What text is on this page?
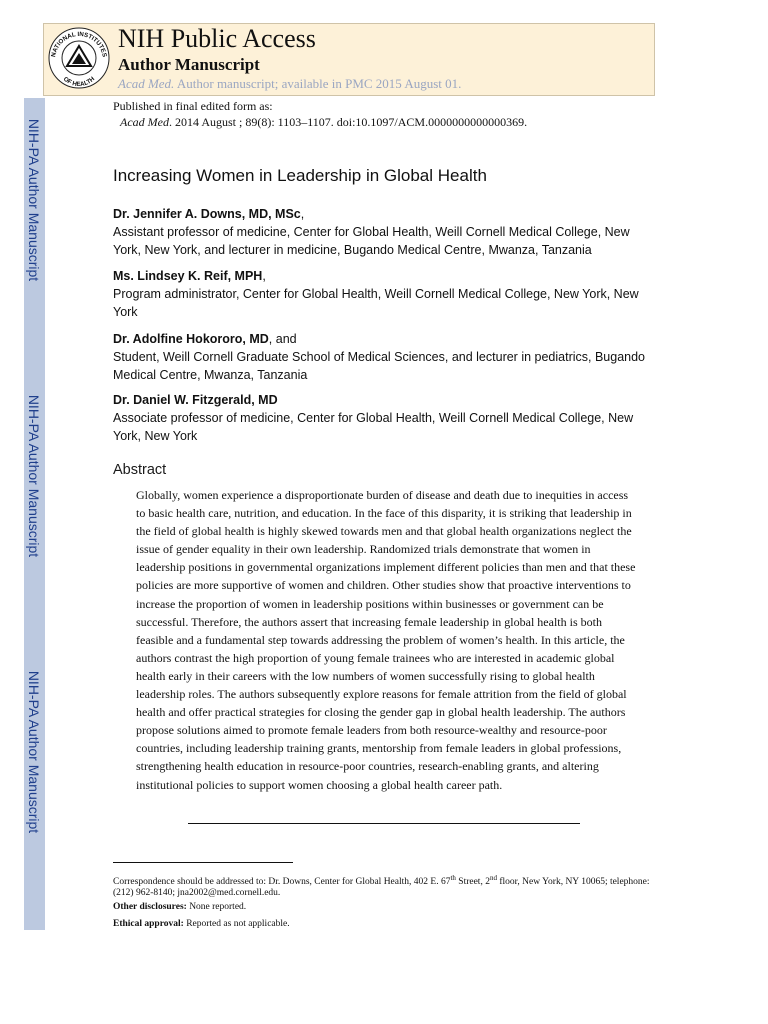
NIH-PA Author Manuscript
NIH-PA Author Manuscript
NIH-PA Author Manuscript
NATIONAL INSTITUTES
OF HEALTH
NIH Public Access
Author Manuscript
Acad Med. Author manuscript; available in PMC 2015 August 01.
Published in final edited form as:
Acad Med. 2014 August ; 89(8): 1103–1107. doi:10.1097/ACM.0000000000000369.
Increasing Women in Leadership in Global Health
Dr. Jennifer A. Downs, MD, MSc,
Assistant professor of medicine, Center for Global Health, Weill Cornell Medical College, New York, New York, and lecturer in medicine, Bugando Medical Centre, Mwanza, Tanzania
Ms. Lindsey K. Reif, MPH,
Program administrator, Center for Global Health, Weill Cornell Medical College, New York, New York
Dr. Adolfine Hokororo, MD, and
Student, Weill Cornell Graduate School of Medical Sciences, and lecturer in pediatrics, Bugando Medical Centre, Mwanza, Tanzania
Dr. Daniel W. Fitzgerald, MD
Associate professor of medicine, Center for Global Health, Weill Cornell Medical College, New York, New York
Abstract

Globally, women experience a disproportionate burden of disease and death due to inequities in access to basic health care, nutrition, and education. In the face of this disparity, it is striking that leadership in the field of global health is highly skewed towards men and that global health organizations neglect the issue of gender equality in their own leadership. Randomized trials demonstrate that women in leadership positions in governmental organizations implement different policies than men and that these policies are more supportive of women and children. Other studies show that proactive interventions to increase the proportion of women in leadership positions within businesses or government can be successful. Therefore, the authors assert that increasing female leadership in global health is both feasible and a fundamental step towards addressing the problem of women’s health. In this article, the authors contrast the high proportion of young female trainees who are interested in academic global health early in their careers with the low numbers of women successfully rising to global health leadership roles. The authors subsequently explore reasons for female attrition from the field of global health and offer practical strategies for closing the gender gap in global health leadership. The authors propose solutions aimed to promote female leaders from both resource-wealthy and resource-poor countries, including leadership training grants, mentorship from female leaders in global professions, strengthening health education in resource-poor countries, research-enabling grants, and altering institutional policies to support women choosing a global health career path.

Correspondence should be addressed to: Dr. Downs, Center for Global Health, 402 E. 67th Street, 2nd floor, New York, NY 10065; telephone: (212) 962-8140; jna2002@med.cornell.edu.
Other disclosures: None reported.
Ethical approval: Reported as not applicable.
